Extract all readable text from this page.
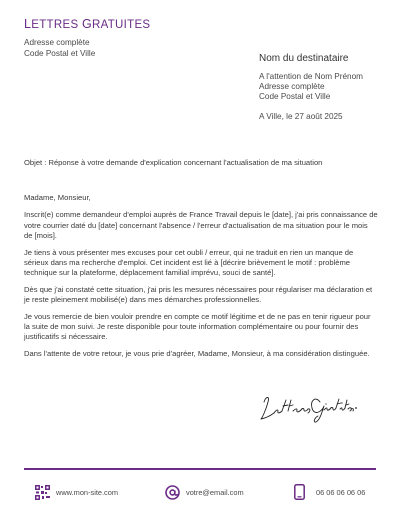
LETTRES GRATUITES
Adresse complète
Code Postal et Ville	Nom du destinataire
A l'attention de Nom Prénom
Adresse complète
Code Postal et Ville
A Ville, le 27 août 2025
Objet : Réponse à votre demande d'explication concernant l'actualisation de ma situation

Madame, Monsieur,

Inscrit(e) comme demandeur d'emploi auprès de France Travail depuis le [date], j'ai pris connaissance de votre courrier daté du [date] concernant l'absence / l'erreur d'actualisation de ma situation pour le mois de [mois].

Je tiens à vous présenter mes excuses pour cet oubli / erreur, qui ne traduit en rien un manque de sérieux dans ma recherche d'emploi. Cet incident est lié à [décrire brièvement le motif : problème technique sur la plateforme, déplacement familial imprévu, souci de santé].

Dès que j'ai constaté cette situation, j'ai pris les mesures nécessaires pour régulariser ma déclaration et je reste pleinement mobilisé(e) dans mes démarches professionnelles.

Je vous remercie de bien vouloir prendre en compte ce motif légitime et de ne pas en tenir rigueur pour la suite de mon suivi. Je reste disponible pour toute information complémentaire ou pour fournir des justificatifs si nécessaire.

Dans l'attente de votre retour, je vous prie d'agréer, Madame, Monsieur, à ma considération distinguée.

www.mon-site.com	votre@email.com	06 06 06 06 06
